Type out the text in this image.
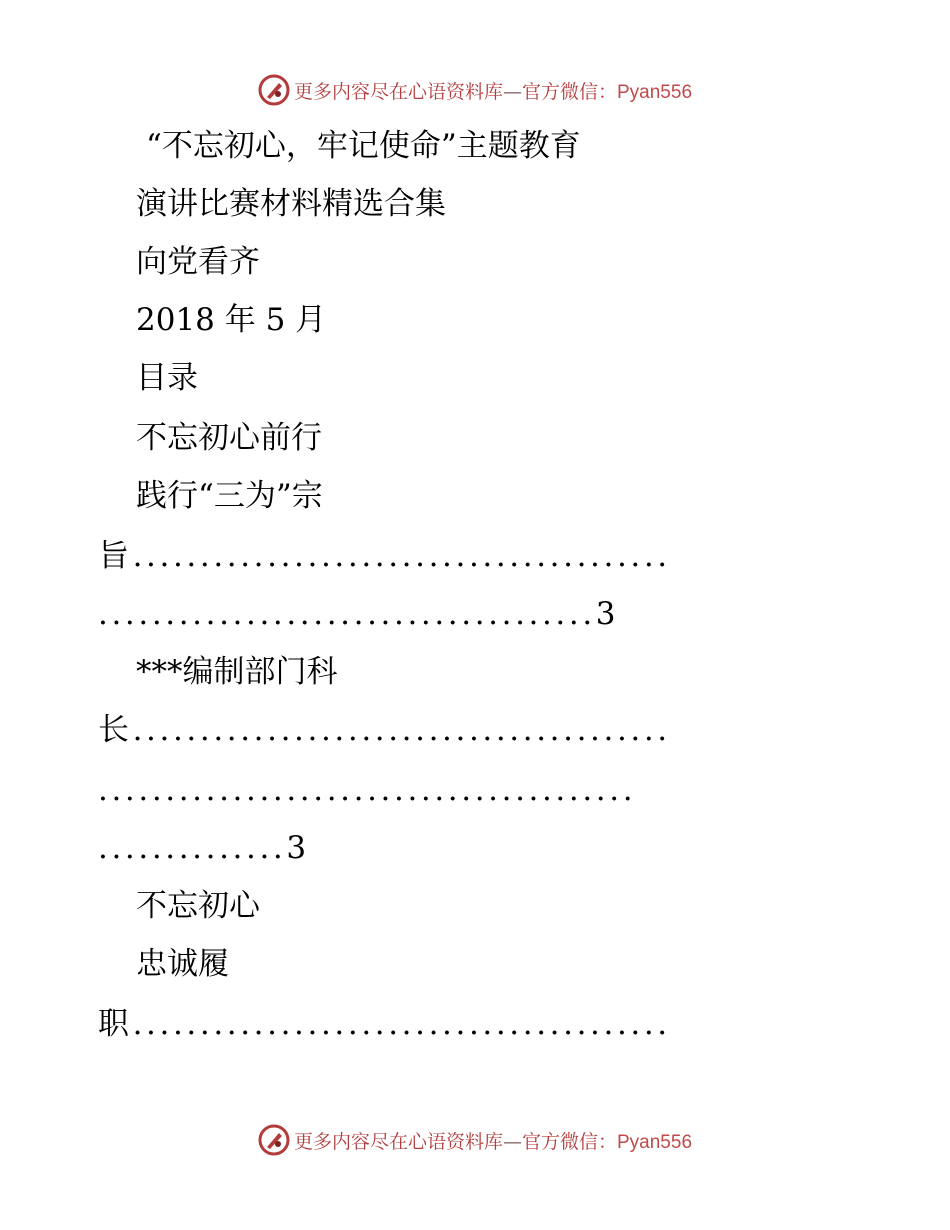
更多内容尽在心语资料库—官方微信：Pyan556
“不忘初心，牢记使命”主题教育
演讲比赛材料精选合集
向党看齐
2018 年 5 月
目录
不忘初心前行
践行“三为”宗
旨........................................
.....................................3
***编制部门科
长........................................
........................................
..............3
不忘初心
忠诚履
职........................................
更多内容尽在心语资料库—官方微信：Pyan556
